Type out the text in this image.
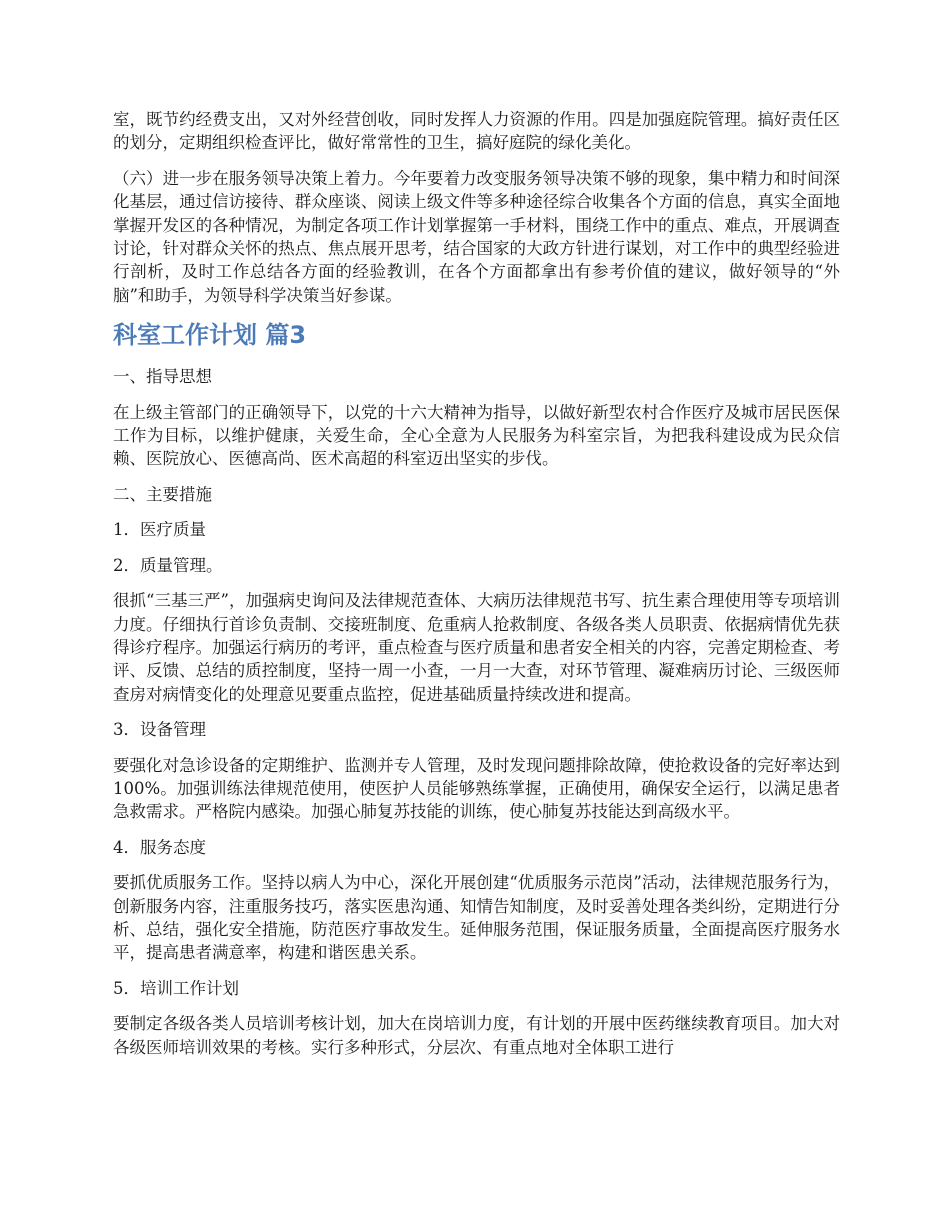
室，既节约经费支出，又对外经营创收，同时发挥人力资源的作用。四是加强庭院管理。搞好责任区的划分，定期组织检查评比，做好常常性的卫生，搞好庭院的绿化美化。

（六）进一步在服务领导决策上着力。今年要着力改变服务领导决策不够的现象，集中精力和时间深化基层，通过信访接待、群众座谈、阅读上级文件等多种途径综合收集各个方面的信息，真实全面地掌握开发区的各种情况，为制定各项工作计划掌握第一手材料，围绕工作中的重点、难点，开展调查讨论，针对群众关怀的热点、焦点展开思考，结合国家的大政方针进行谋划，对工作中的典型经验进行剖析，及时工作总结各方面的经验教训，在各个方面都拿出有参考价值的建议，做好领导的“外脑”和助手，为领导科学决策当好参谋。

科室工作计划 篇3

一、指导思想

在上级主管部门的正确领导下，以党的十六大精神为指导，以做好新型农村合作医疗及城市居民医保工作为目标，以维护健康，关爱生命，全心全意为人民服务为科室宗旨，为把我科建设成为民众信赖、医院放心、医德高尚、医术高超的科室迈出坚实的步伐。

二、主要措施

1．医疗质量

2．质量管理。

很抓“三基三严”，加强病史询问及法律规范查体、大病历法律规范书写、抗生素合理使用等专项培训力度。仔细执行首诊负责制、交接班制度、危重病人抢救制度、各级各类人员职责、依据病情优先获得诊疗程序。加强运行病历的考评，重点检查与医疗质量和患者安全相关的内容，完善定期检查、考评、反馈、总结的质控制度，坚持一周一小查，一月一大查，对环节管理、凝难病历讨论、三级医师查房对病情变化的处理意见要重点监控，促进基础质量持续改进和提高。

3．设备管理

要强化对急诊设备的定期维护、监测并专人管理，及时发现问题排除故障，使抢救设备的完好率达到100%。加强训练法律规范使用，使医护人员能够熟练掌握，正确使用，确保安全运行，以满足患者急救需求。严格院内感染。加强心肺复苏技能的训练，使心肺复苏技能达到高级水平。

4．服务态度

要抓优质服务工作。坚持以病人为中心，深化开展创建“优质服务示范岗”活动，法律规范服务行为，创新服务内容，注重服务技巧，落实医患沟通、知情告知制度，及时妥善处理各类纠纷，定期进行分析、总结，强化安全措施，防范医疗事故发生。延伸服务范围，保证服务质量，全面提高医疗服务水平，提高患者满意率，构建和谐医患关系。

5．培训工作计划

要制定各级各类人员培训考核计划，加大在岗培训力度，有计划的开展中医药继续教育项目。加大对各级医师培训效果的考核。实行多种形式，分层次、有重点地对全体职工进行
